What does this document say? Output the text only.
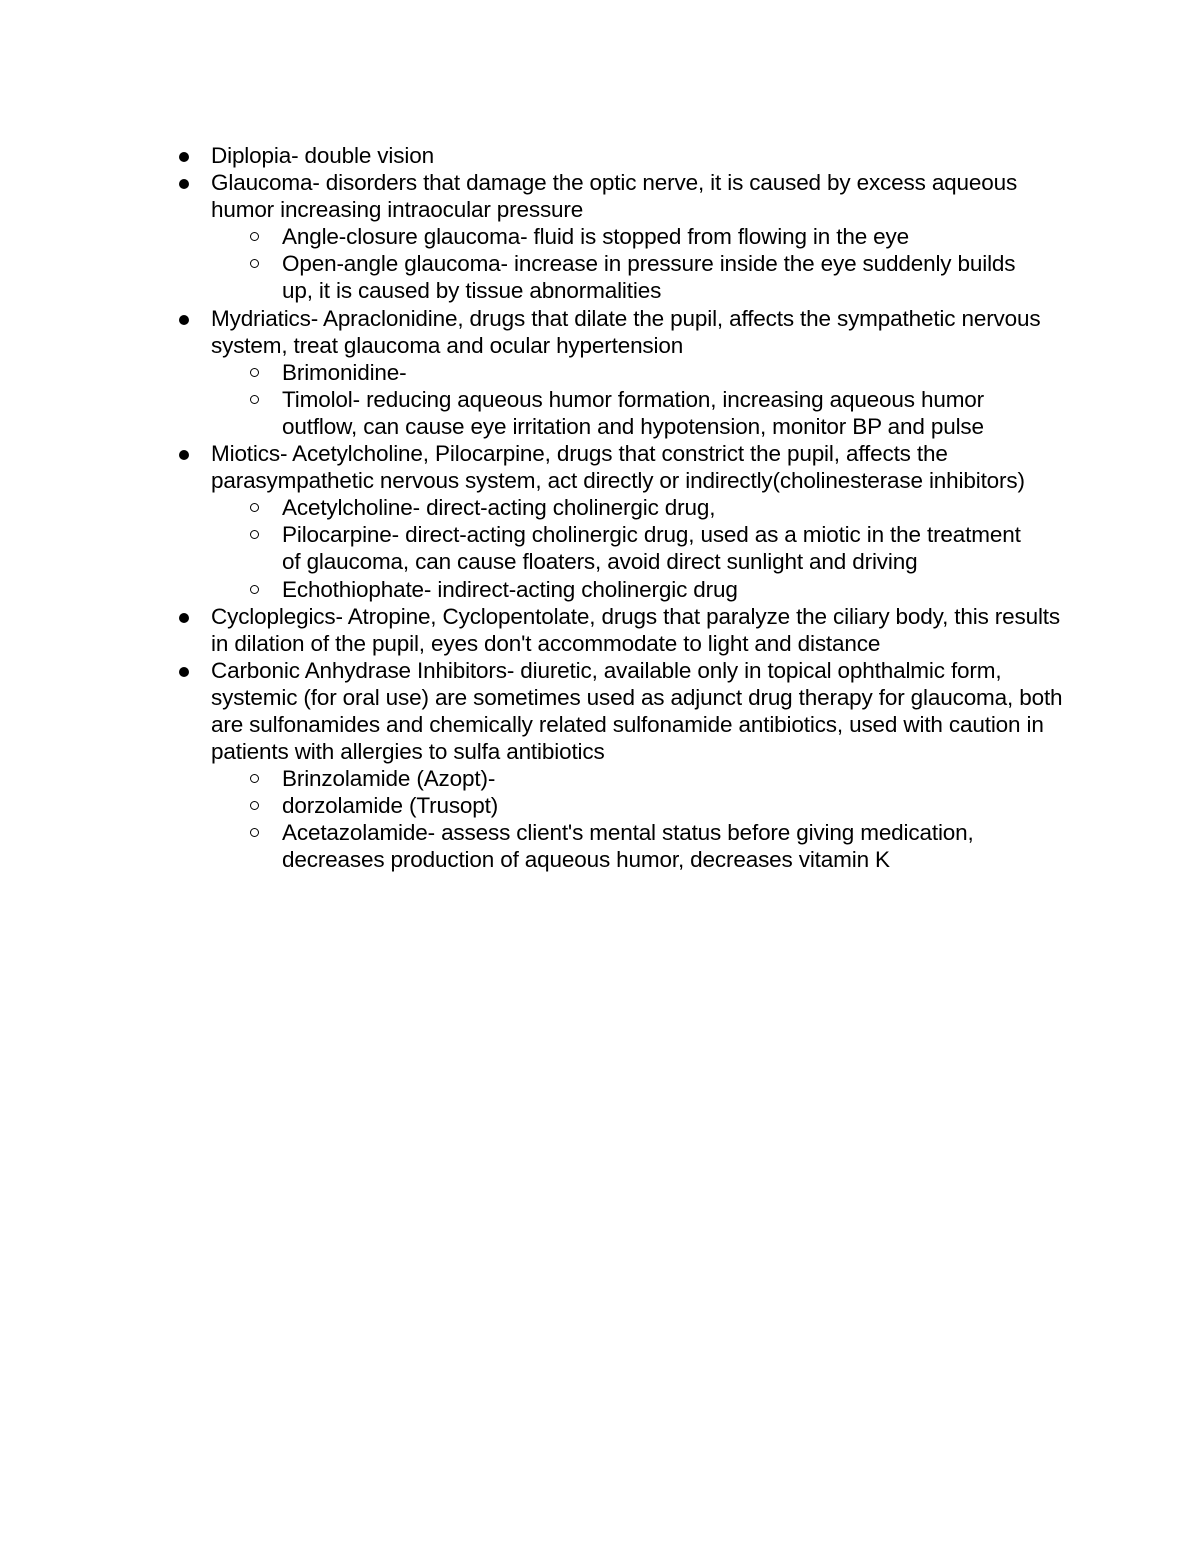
Diplopia- double vision
Glaucoma- disorders that damage the optic nerve, it is caused by excess aqueous humor increasing intraocular pressure
Angle-closure glaucoma- fluid is stopped from flowing in the eye
Open-angle glaucoma- increase in pressure inside the eye suddenly builds up, it is caused by tissue abnormalities
Mydriatics- Apraclonidine, drugs that dilate the pupil, affects the sympathetic nervous system, treat glaucoma and ocular hypertension
Brimonidine-
Timolol- reducing aqueous humor formation, increasing aqueous humor outflow, can cause eye irritation and hypotension, monitor BP and pulse
Miotics- Acetylcholine, Pilocarpine, drugs that constrict the pupil, affects the parasympathetic nervous system, act directly or indirectly(cholinesterase inhibitors)
Acetylcholine- direct-acting cholinergic drug,
Pilocarpine- direct-acting cholinergic drug, used as a miotic in the treatment of glaucoma, can cause floaters, avoid direct sunlight and driving
Echothiophate- indirect-acting cholinergic drug
Cycloplegics- Atropine, Cyclopentolate, drugs that paralyze the ciliary body, this results in dilation of the pupil, eyes don't accommodate to light and distance
Carbonic Anhydrase Inhibitors- diuretic, available only in topical ophthalmic form, systemic (for oral use) are sometimes used as adjunct drug therapy for glaucoma, both are sulfonamides and chemically related sulfonamide antibiotics, used with caution in patients with allergies to sulfa antibiotics
Brinzolamide (Azopt)-
dorzolamide (Trusopt)
Acetazolamide- assess client's mental status before giving medication, decreases production of aqueous humor, decreases vitamin K
